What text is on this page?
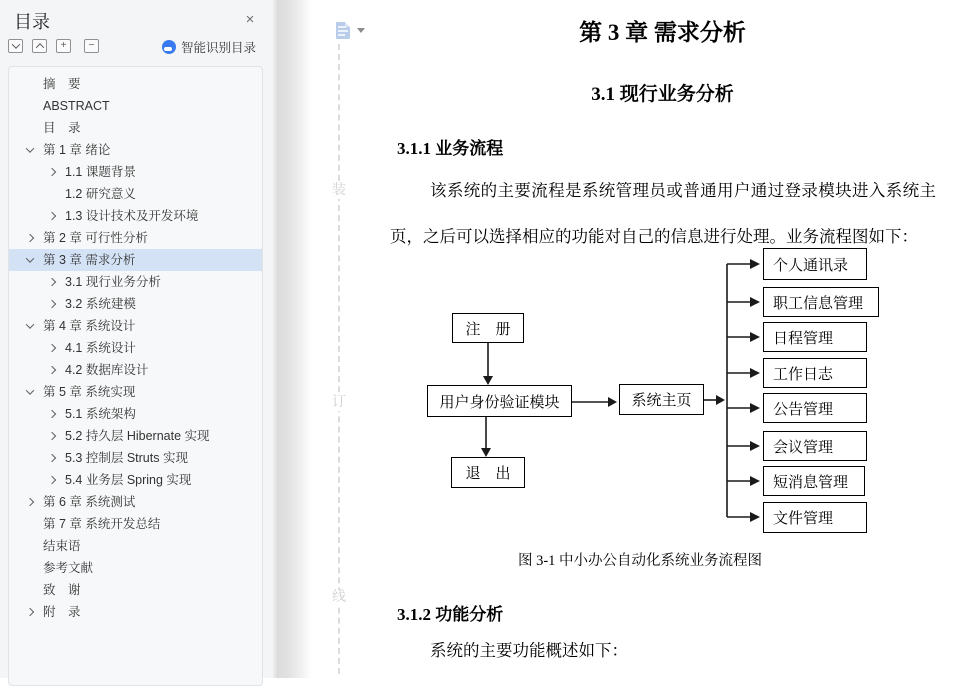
目录	×
+	−	智能识别目录
摘　要
ABSTRACT
目　录
第 1 章 绪论
1.1 课题背景
1.2 研究意义
1.3 设计技术及开发环境
第 2 章 可行性分析
第 3 章 需求分析
3.1 现行业务分析
3.2 系统建模
第 4 章 系统设计
4.1 系统设计
4.2 数据库设计
第 5 章 系统实现
5.1 系统架构
5.2 持久层 Hibernate 实现
5.3 控制层 Struts 实现
5.4 业务层 Spring 实现
第 6 章 系统测试
第 7 章 系统开发总结
结束语
参考文献
致　谢
附　录
装
订
线
第 3 章 需求分析
3.1 现行业务分析
3.1.1 业务流程
该系统的主要流程是系统管理员或普通用户通过登录模块进入系统主页，之后可以选择相应的功能对自己的信息进行处理。业务流程图如下：
注　册
用户身份验证模块
退　出
系统主页
个人通讯录
职工信息管理
日程管理
工作日志
公告管理
会议管理
短消息管理
文件管理
图 3-1 中小办公自动化系统业务流程图
3.1.2 功能分析
系统的主要功能概述如下：
